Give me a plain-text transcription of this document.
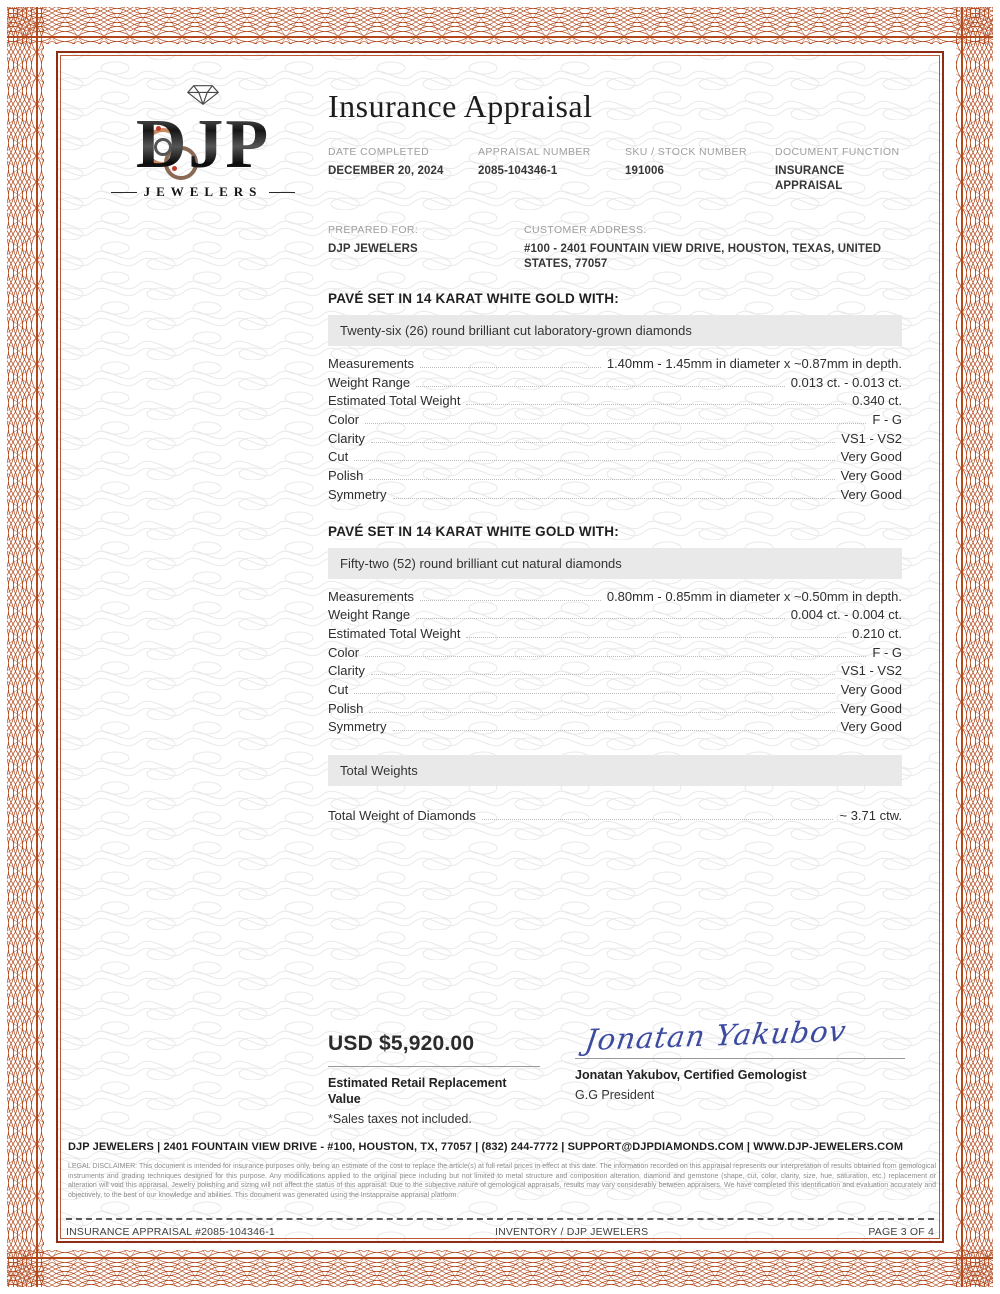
DJP
JEWELERS
Insurance Appraisal
DATE COMPLETED
DECEMBER 20, 2024
APPRAISAL NUMBER
2085-104346-1
SKU / STOCK NUMBER
191006
DOCUMENT FUNCTION
INSURANCE APPRAISAL
PREPARED FOR:
DJP JEWELERS
CUSTOMER ADDRESS:
#100 - 2401 FOUNTAIN VIEW DRIVE, HOUSTON, TEXAS, UNITED STATES, 77057
PAVÉ SET IN 14 KARAT WHITE GOLD WITH:
Twenty-six (26) round brilliant cut laboratory-grown diamonds
Measurements	1.40mm - 1.45mm in diameter x ~0.87mm in depth.
Weight Range	0.013 ct. - 0.013 ct.
Estimated Total Weight	0.340 ct.
Color	F - G
Clarity	VS1 - VS2
Cut	Very Good
Polish	Very Good
Symmetry	Very Good
PAVÉ SET IN 14 KARAT WHITE GOLD WITH:
Fifty-two (52) round brilliant cut natural diamonds
Measurements	0.80mm - 0.85mm in diameter x ~0.50mm in depth.
Weight Range	0.004 ct. - 0.004 ct.
Estimated Total Weight	0.210 ct.
Color	F - G
Clarity	VS1 - VS2
Cut	Very Good
Polish	Very Good
Symmetry	Very Good
Total Weights
Total Weight of Diamonds	~ 3.71 ctw.
USD $5,920.00
Estimated Retail Replacement Value
*Sales taxes not included.
Jonatan Yakubov
Jonatan Yakubov, Certified Gemologist
G.G President
DJP JEWELERS | 2401 FOUNTAIN VIEW DRIVE - #100, HOUSTON, TX, 77057 | (832) 244-7772 | SUPPORT@DJPDIAMONDS.COM | WWW.DJP-JEWELERS.COM
LEGAL DISCLAIMER: This document is intended for insurance purposes only, being an estimate of the cost to replace the article(s) at full retail prices in effect at this date. The information recorded on this appraisal represents our interpretation of results obtained from gemological instruments and grading techniques designed for this purpose. Any modifications applied to the original piece including but not limited to metal structure and composition alteration, diamond and gemstone (shape, cut, color, clarity, size, hue, saturation, etc.) replacement or alteration will void this appraisal. Jewelry polishing and sizing will not affect the status of this appraisal. Due to the subjective nature of gemological appraisals, results may vary considerably between appraisers. We have completed this identification and evaluation accurately and objectively, to the best of our knowledge and abilities. This document was generated using the Instappraise appraisal platform.
INSURANCE APPRAISAL #2085-104346-1	INVENTORY / DJP JEWELERS	PAGE 3 OF 4
